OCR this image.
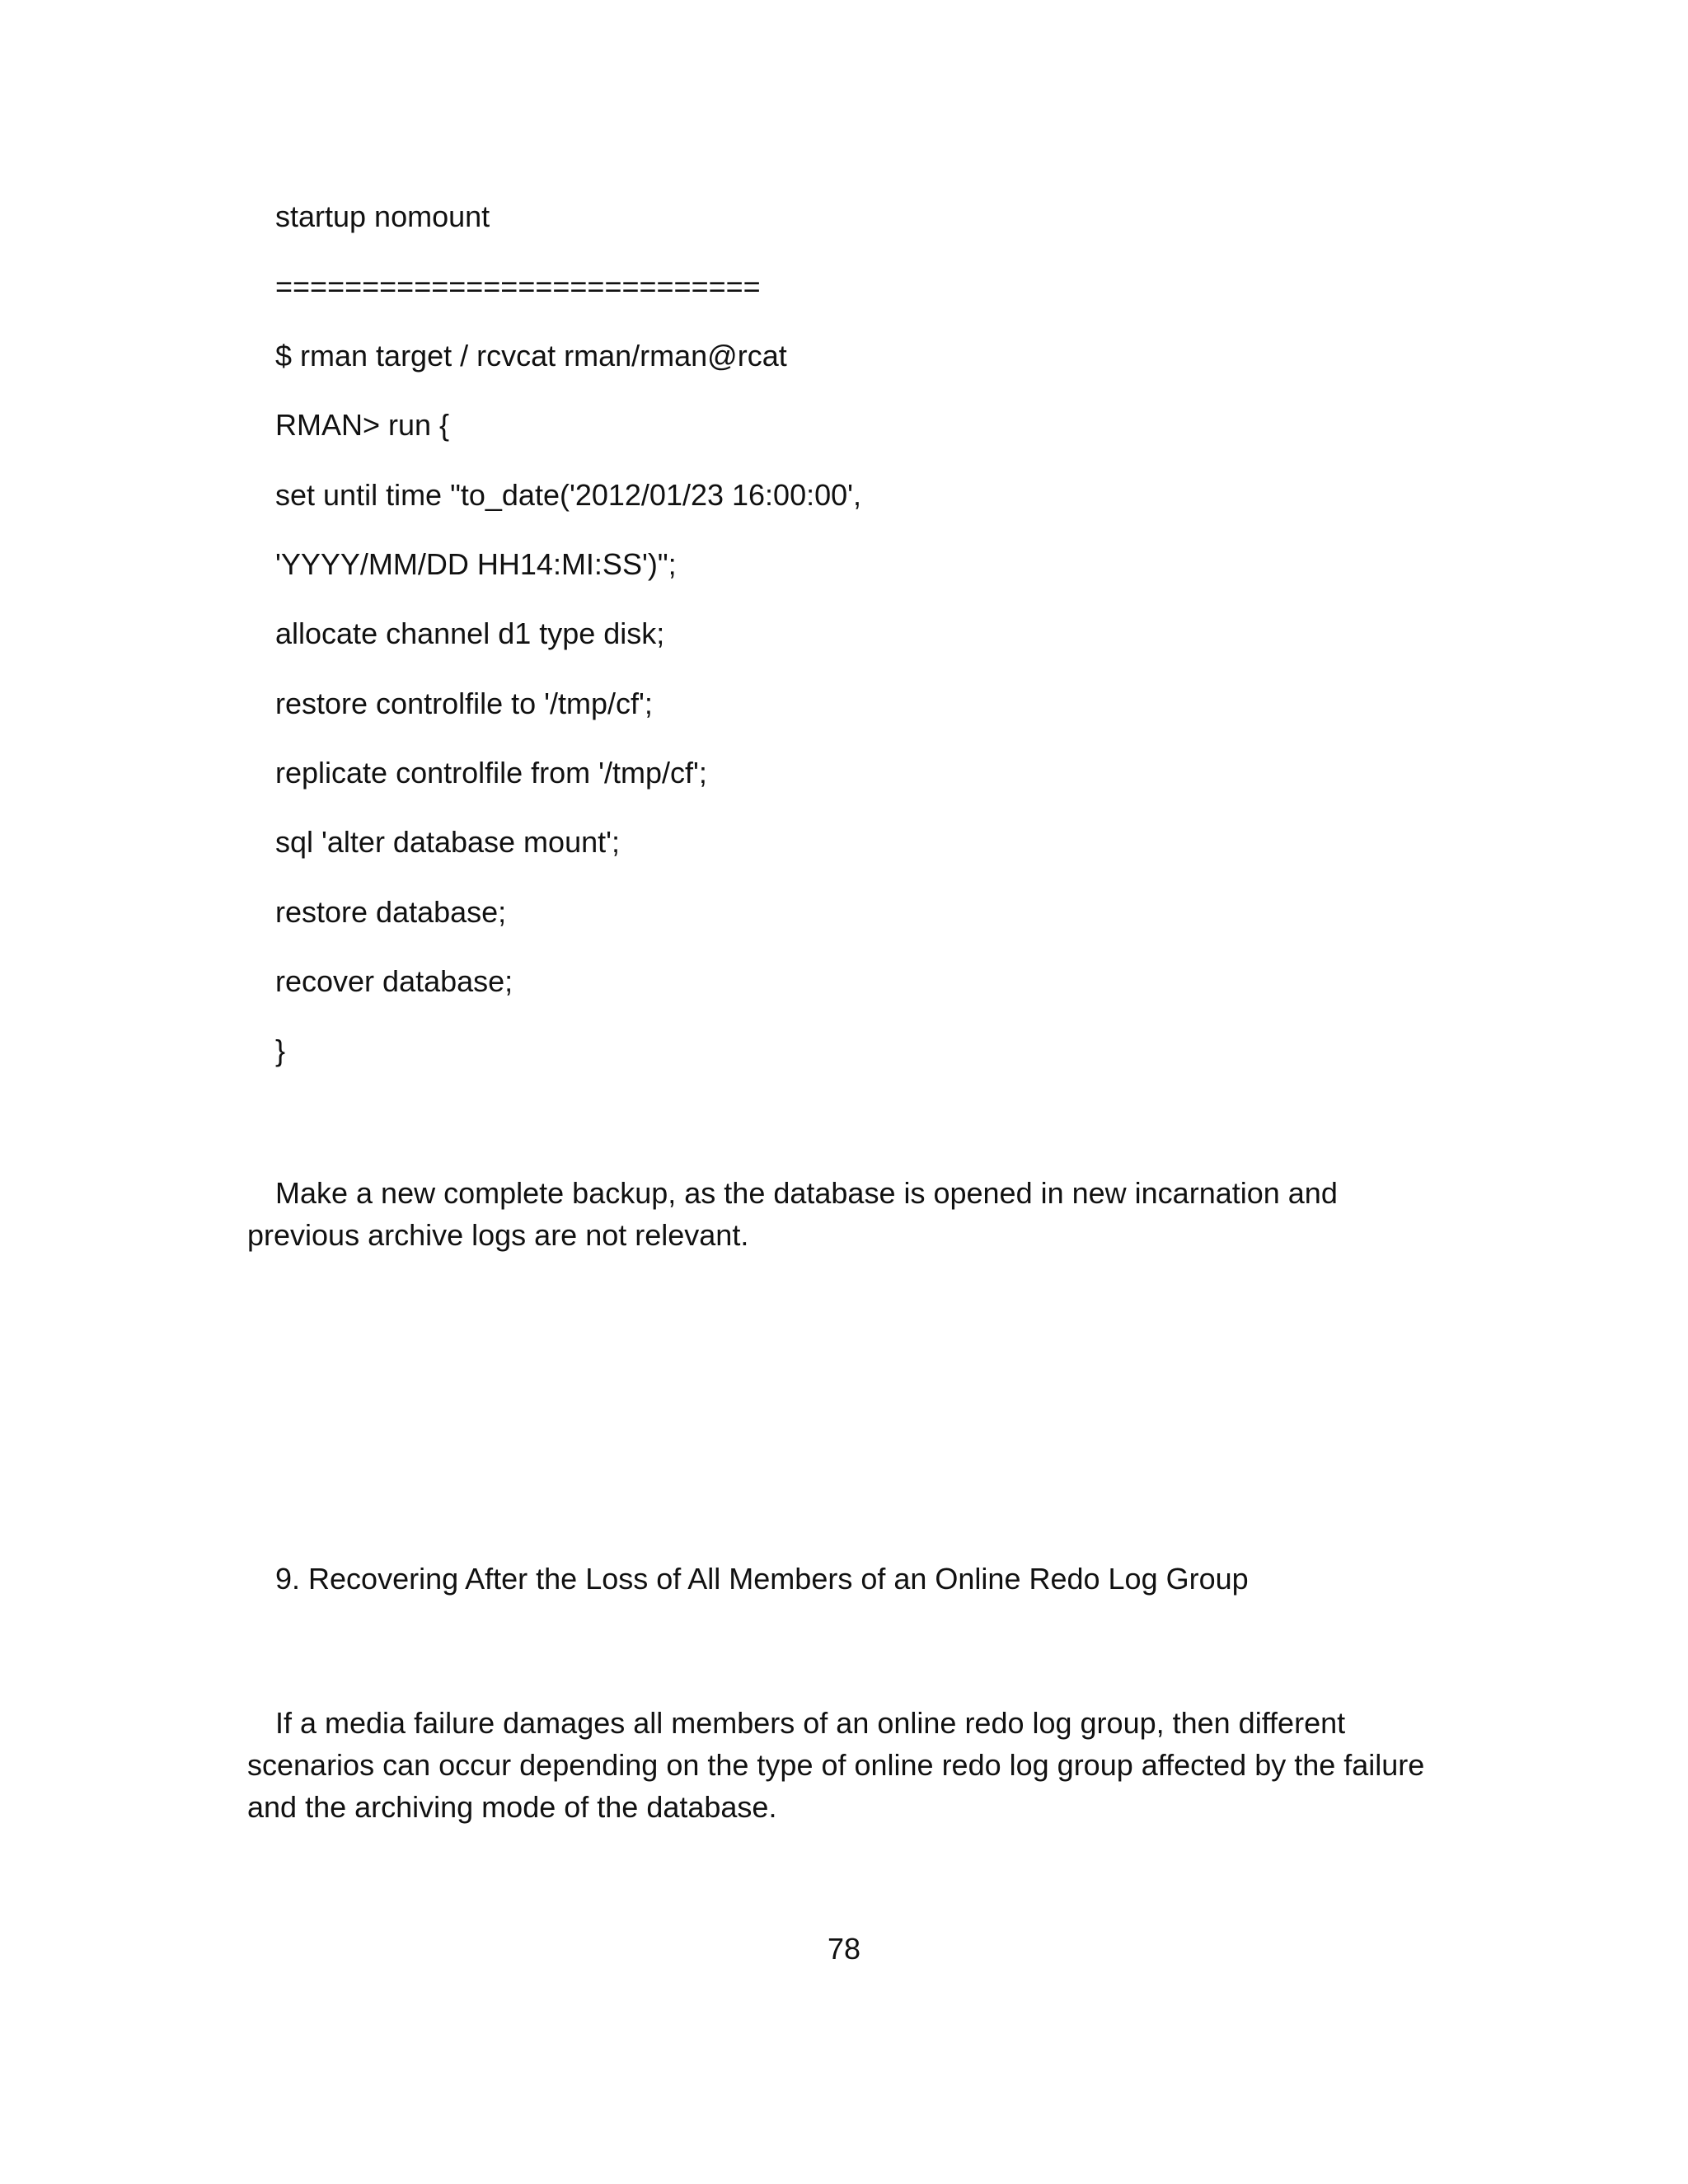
startup nomount

============================

$ rman target / rcvcat rman/rman@rcat

RMAN> run {

set until time "to_date('2012/01/23 16:00:00',

'YYYY/MM/DD HH14:MI:SS')";

allocate channel d1 type disk;

restore controlfile to '/tmp/cf';

replicate controlfile from '/tmp/cf';

sql 'alter database mount';

restore database;

recover database;

}

Make a new complete backup, as the database is opened in new incarnation and previous archive logs are not relevant.

9. Recovering After the Loss of All Members of an Online Redo Log Group

If a media failure damages all members of an online redo log group, then different scenarios can occur depending on the type of online redo log group affected by the failure and the archiving mode of the database.

78
